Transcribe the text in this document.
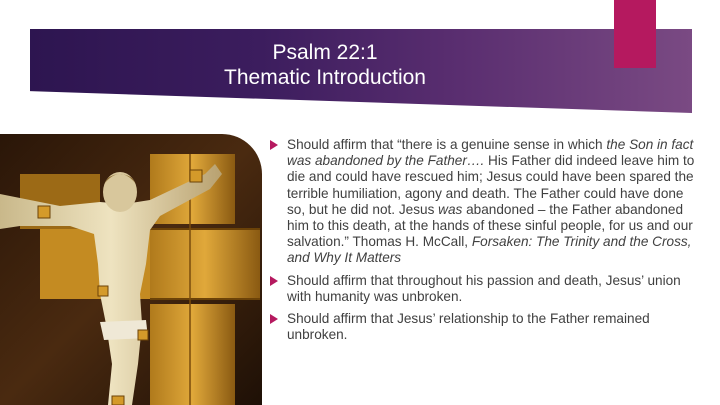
Psalm 22:1
Thematic Introduction
Should affirm that “there is a genuine sense in which the Son in fact was abandoned by the Father…. His Father did indeed leave him to die and could have rescued him; Jesus could have been spared the terrible humiliation, agony and death. The Father could have done so, but he did not. Jesus was abandoned – the Father abandoned him to this death, at the hands of these sinful people, for us and our salvation.” Thomas H. McCall, Forsaken: The Trinity and the Cross, and Why It Matters
Should affirm that throughout his passion and death, Jesus’ union with humanity was unbroken.
Should affirm that Jesus’ relationship to the Father remained unbroken.
